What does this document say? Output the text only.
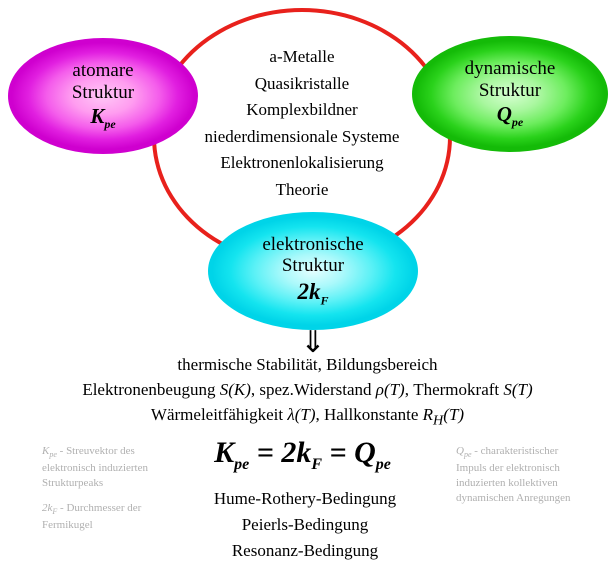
a-Metalle
Quasikristalle
Komplexbildner
niederdimensionale Systeme
Elektronenlokalisierung
Theorie
atomare
Struktur
$K_{pe}$
dynamische
Struktur
$Q_{pe}$
elektronische
Struktur
$2k_F$
⇓
thermische Stabilität, Bildungsbereich
Elektronenbeugung S(K), spez.Widerstand ρ(T), Thermokraft S(T)
Wärmeleitfähigkeit λ(T), Hallkonstante $R_H(T)$
$K_{pe}$ - Streuvektor des elektronisch induzierten Strukturpeaks
$2k_F$ - Durchmesser der Fermikugel
$K_{pe} = 2k_F = Q_{pe}$
$Q_{pe}$ - charakteristischer Impuls der elektronisch induzierten kollektiven dynamischen Anregungen
Hume-Rothery-Bedingung
Peierls-Bedingung
Resonanz-Bedingung
